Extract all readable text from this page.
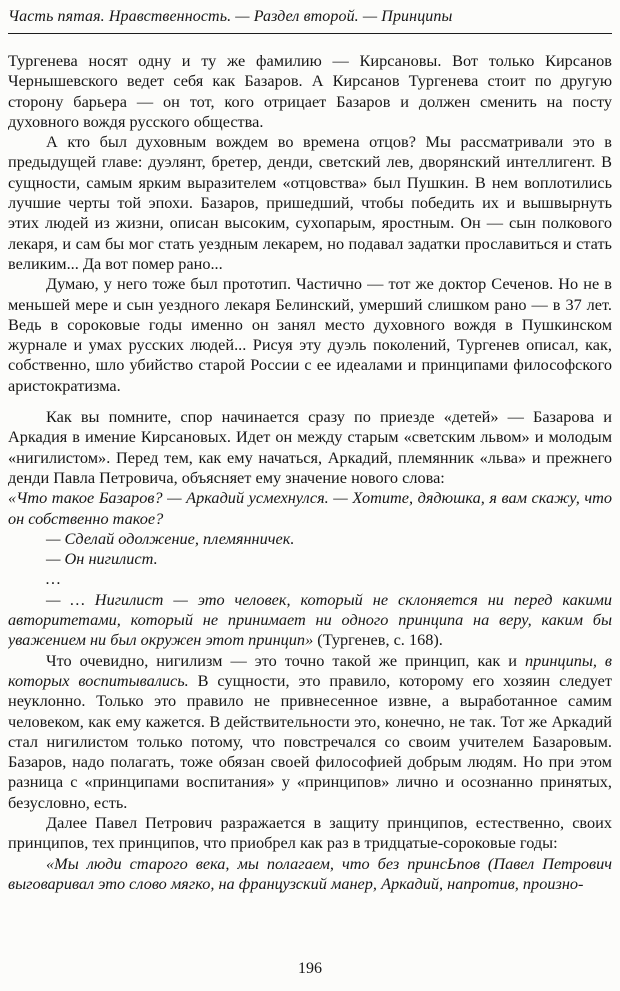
Часть пятая. Нравственность. — Раздел второй. — Принципы

Тургенева носят одну и ту же фамилию — Кирсановы. Вот только Кирсанов Чернышевского ведет себя как Базаров. А Кирсанов Тургенева стоит по другую сторону барьера — он тот, кого отрицает Базаров и должен сменить на посту духовного вождя русского общества.

А кто был духовным вождем во времена отцов? Мы рассматривали это в предыдущей главе: дуэлянт, бретер, денди, светский лев, дворянский интеллигент. В сущности, самым ярким выразителем «отцовства» был Пушкин. В нем воплотились лучшие черты той эпохи. Базаров, пришедший, чтобы победить их и вышвырнуть этих людей из жизни, описан высоким, сухопарым, яростным. Он — сын полкового лекаря, и сам бы мог стать уездным лекарем, но подавал задатки прославиться и стать великим... Да вот помер рано...

Думаю, у него тоже был прототип. Частично — тот же доктор Сеченов. Но не в меньшей мере и сын уездного лекаря Белинский, умерший слишком рано — в 37 лет. Ведь в сороковые годы именно он занял место духовного вождя в Пушкинском журнале и умах русских людей... Рисуя эту дуэль поколений, Тургенев описал, как, собственно, шло убийство старой России с ее идеалами и принципами философского аристократизма.

Как вы помните, спор начинается сразу по приезде «детей» — Базарова и Аркадия в имение Кирсановых. Идет он между старым «светским львом» и молодым «нигилистом». Перед тем, как ему начаться, Аркадий, племянник «льва» и прежнего денди Павла Петровича, объясняет ему значение нового слова:

«Что такое Базаров? — Аркадий усмехнулся. — Хотите, дядюшка, я вам скажу, что он собственно такое?

— Сделай одолжение, племянничек.

— Он нигилист.

…

— … Нигилист — это человек, который не склоняется ни перед какими авторитетами, который не принимает ни одного принципа на веру, каким бы уважением ни был окружен этот принцип» (Тургенев, с. 168).

Что очевидно, нигилизм — это точно такой же принцип, как и принципы, в которых воспитывались. В сущности, это правило, которому его хозяин следует неуклонно. Только это правило не привнесенное извне, а выработанное самим человеком, как ему кажется. В действительности это, конечно, не так. Тот же Аркадий стал нигилистом только потому, что повстречался со своим учителем Базаровым. Базаров, надо полагать, тоже обязан своей философией добрым людям. Но при этом разница с «принципами воспитания» у «принципов» лично и осознанно принятых, безусловно, есть.

Далее Павел Петрович разражается в защиту принципов, естественно, своих принципов, тех принципов, что приобрел как раз в тридцатые-сороковые годы:

«Мы люди старого века, мы полагаем, что без принсЬпов (Павел Петрович выговаривал это слово мягко, на французский манер, Аркадий, напротив, произно-

196
